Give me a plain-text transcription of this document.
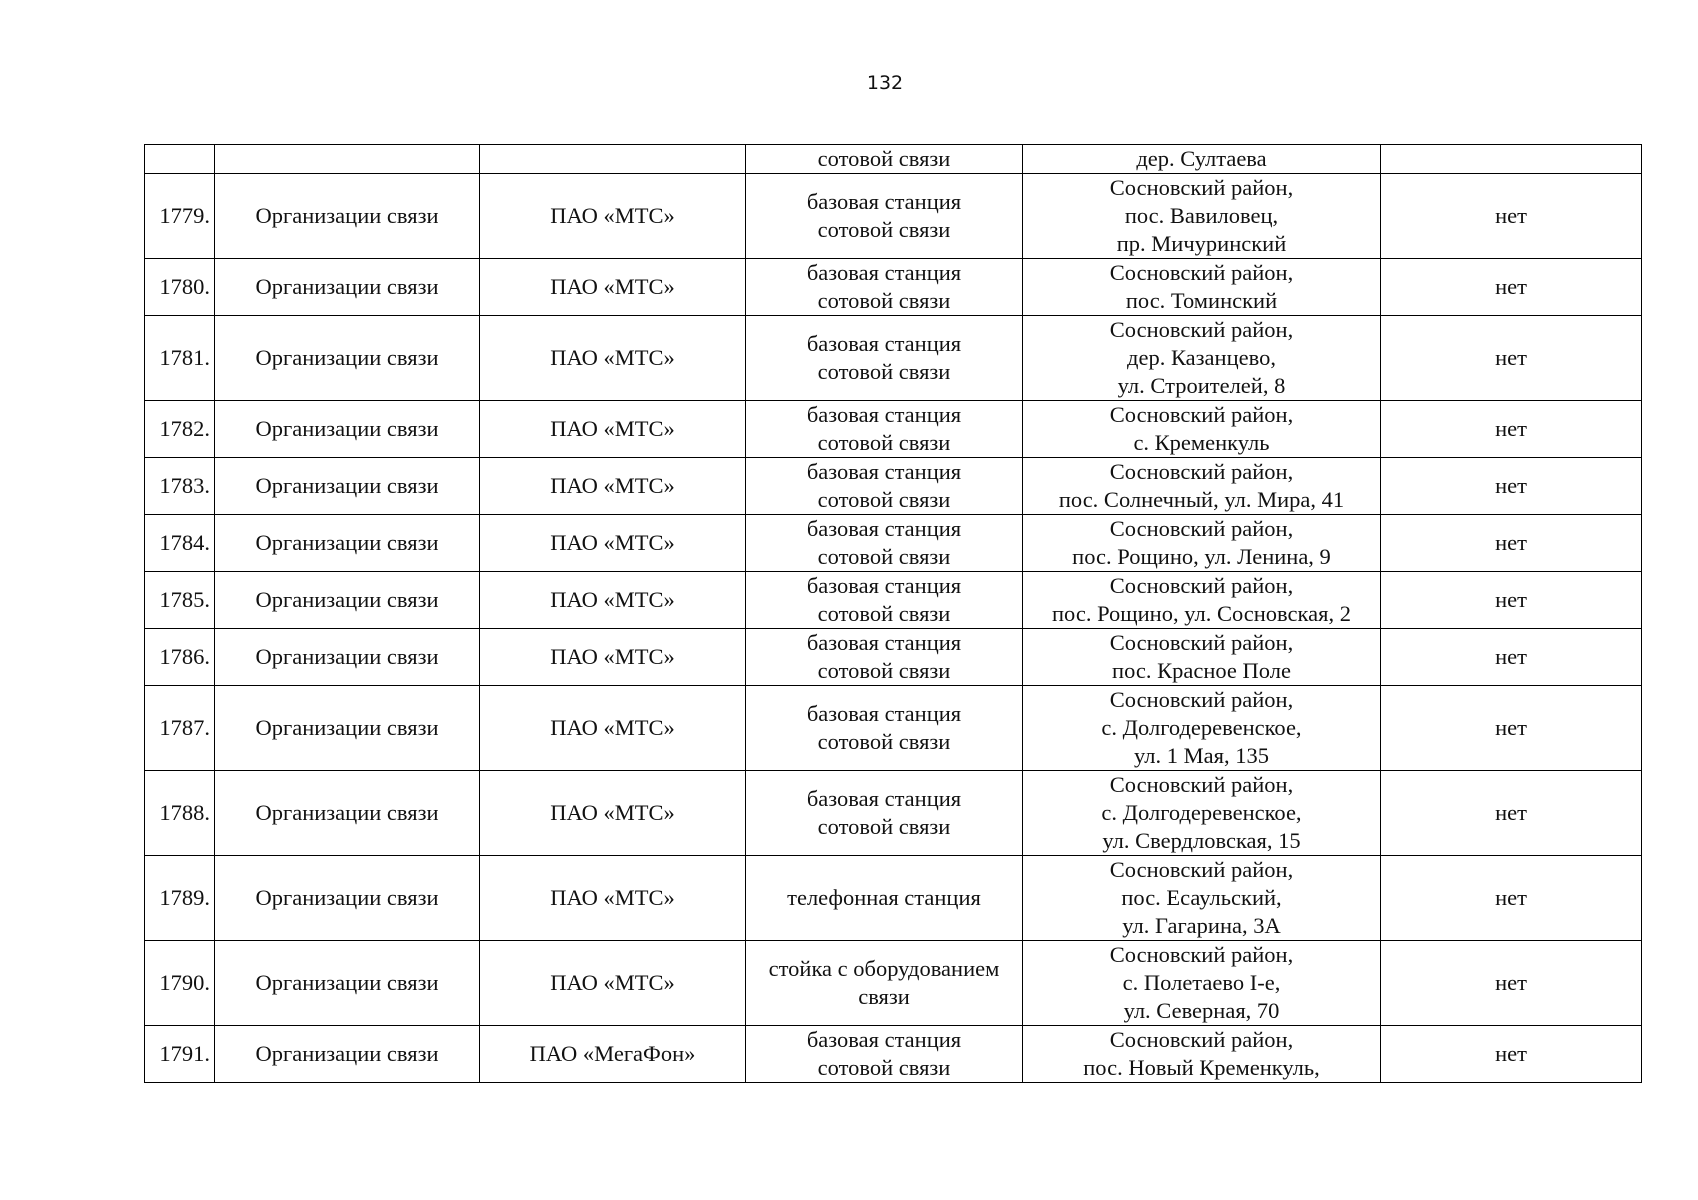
132

			сотовой связи	дер. Султаева	

1779.	Организации связи	ПАО «МТС»	базовая станция
сотовой связи	Сосновский район,
пос. Вавиловец,
пр. Мичуринский	нет
1780.	Организации связи	ПАО «МТС»	базовая станция
сотовой связи	Сосновский район,
пос. Томинский	нет
1781.	Организации связи	ПАО «МТС»	базовая станция
сотовой связи	Сосновский район,
дер. Казанцево,
ул. Строителей, 8	нет
1782.	Организации связи	ПАО «МТС»	базовая станция
сотовой связи	Сосновский район,
с. Кременкуль	нет
1783.	Организации связи	ПАО «МТС»	базовая станция
сотовой связи	Сосновский район,
пос. Солнечный, ул. Мира, 41	нет
1784.	Организации связи	ПАО «МТС»	базовая станция
сотовой связи	Сосновский район,
пос. Рощино, ул. Ленина, 9	нет
1785.	Организации связи	ПАО «МТС»	базовая станция
сотовой связи	Сосновский район,
пос. Рощино, ул. Сосновская, 2	нет
1786.	Организации связи	ПАО «МТС»	базовая станция
сотовой связи	Сосновский район,
пос. Красное Поле	нет
1787.	Организации связи	ПАО «МТС»	базовая станция
сотовой связи	Сосновский район,
с. Долгодеревенское,
ул. 1 Мая, 135	нет
1788.	Организации связи	ПАО «МТС»	базовая станция
сотовой связи	Сосновский район,
с. Долгодеревенское,
ул. Свердловская, 15	нет
1789.	Организации связи	ПАО «МТС»	телефонная станция	Сосновский район,
пос. Есаульский,
ул. Гагарина, 3А	нет
1790.	Организации связи	ПАО «МТС»	стойка с оборудованием
связи	Сосновский район,
с. Полетаево I-е,
ул. Северная, 70	нет
1791.	Организации связи	ПАО «МегаФон»	базовая станция
сотовой связи	Сосновский район,
пос. Новый Кременкуль,	нет
